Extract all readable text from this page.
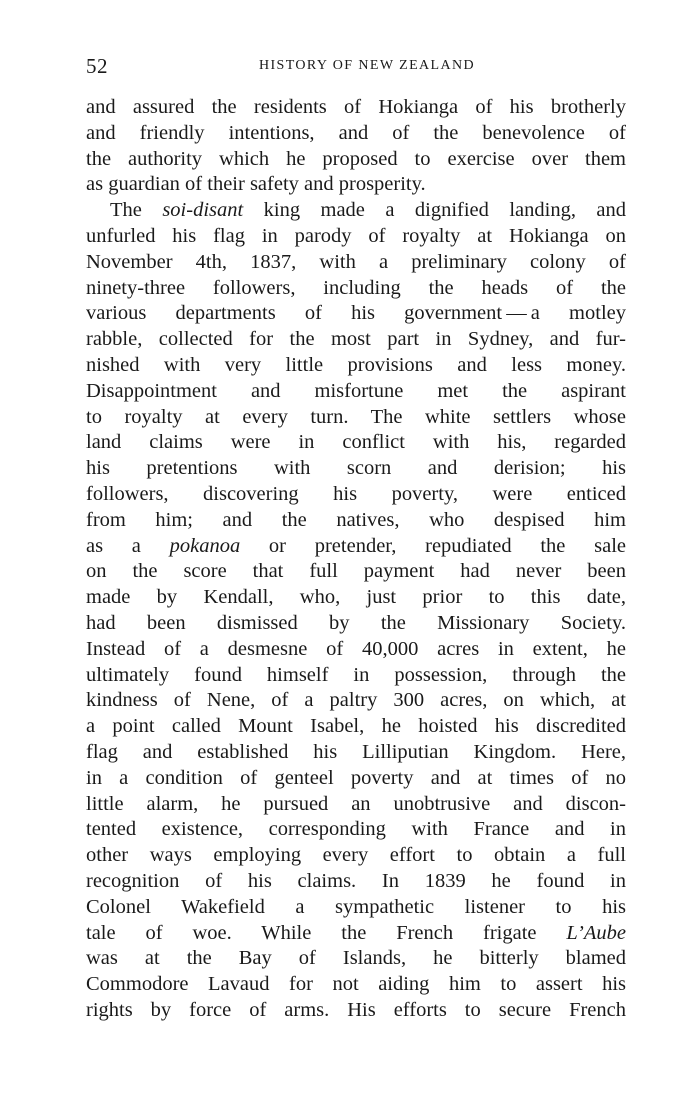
52	HISTORY OF NEW ZEALAND
and assured the residents of Hokianga of his brotherly
and friendly intentions, and of the benevolence of
the authority which he proposed to exercise over them
as guardian of their safety and prosperity.
The soi-disant king made a dignified landing, and
unfurled his flag in parody of royalty at Hokianga on
November 4th, 1837, with a preliminary colony of
ninety-three followers, including the heads of the
various departments of his government — a motley
rabble, collected for the most part in Sydney, and fur-
nished with very little provisions and less money.
Disappointment and misfortune met the aspirant
to royalty at every turn. The white settlers whose
land claims were in conflict with his, regarded
his pretentions with scorn and derision; his
followers, discovering his poverty, were enticed
from him; and the natives, who despised him
as a pokanoa or pretender, repudiated the sale
on the score that full payment had never been
made by Kendall, who, just prior to this date,
had been dismissed by the Missionary Society.
Instead of a desmesne of 40,000 acres in extent, he
ultimately found himself in possession, through the
kindness of Nene, of a paltry 300 acres, on which, at
a point called Mount Isabel, he hoisted his discredited
flag and established his Lilliputian Kingdom. Here,
in a condition of genteel poverty and at times of no
little alarm, he pursued an unobtrusive and discon-
tented existence, corresponding with France and in
other ways employing every effort to obtain a full
recognition of his claims. In 1839 he found in
Colonel Wakefield a sympathetic listener to his
tale of woe. While the French frigate L’Aube
was at the Bay of Islands, he bitterly blamed
Commodore Lavaud for not aiding him to assert his
rights by force of arms. His efforts to secure French
